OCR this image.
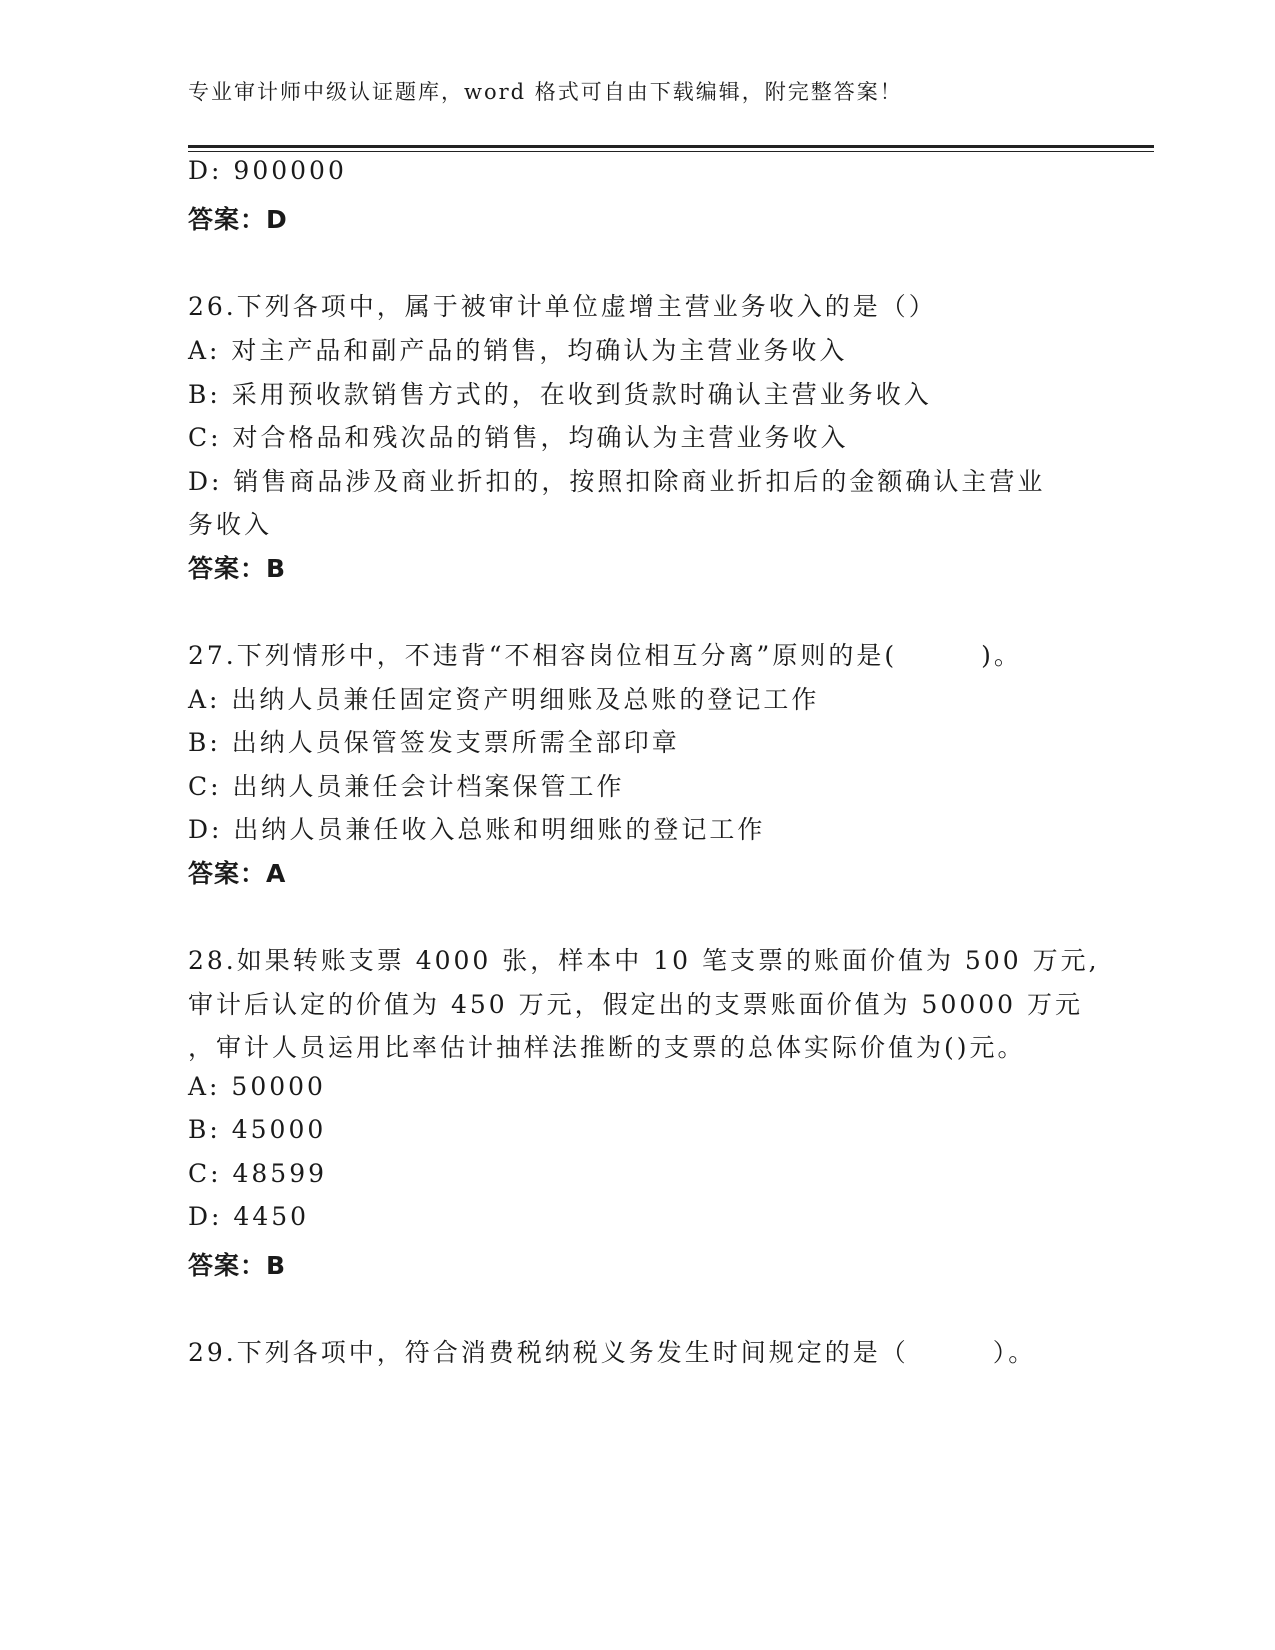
专业审计师中级认证题库，word 格式可自由下载编辑，附完整答案！
D: 900000
答案：D
26.下列各项中，属于被审计单位虚增主营业务收入的是（）
A: 对主产品和副产品的销售，均确认为主营业务收入
B: 采用预收款销售方式的，在收到货款时确认主营业务收入
C: 对合格品和残次品的销售，均确认为主营业务收入
D: 销售商品涉及商业折扣的，按照扣除商业折扣后的金额确认主营业
务收入
答案：B
27.下列情形中，不违背“不相容岗位相互分离”原则的是(　　　)。
A: 出纳人员兼任固定资产明细账及总账的登记工作
B: 出纳人员保管签发支票所需全部印章
C: 出纳人员兼任会计档案保管工作
D: 出纳人员兼任收入总账和明细账的登记工作
答案：A
28.如果转账支票 4000 张，样本中 10 笔支票的账面价值为 500 万元,
审计后认定的价值为 450 万元，假定出的支票账面价值为 50000 万元
，审计人员运用比率估计抽样法推断的支票的总体实际价值为()元。
A: 50000
B: 45000
C: 48599
D: 4450
答案：B
29.下列各项中，符合消费税纳税义务发生时间规定的是（　　　）。
